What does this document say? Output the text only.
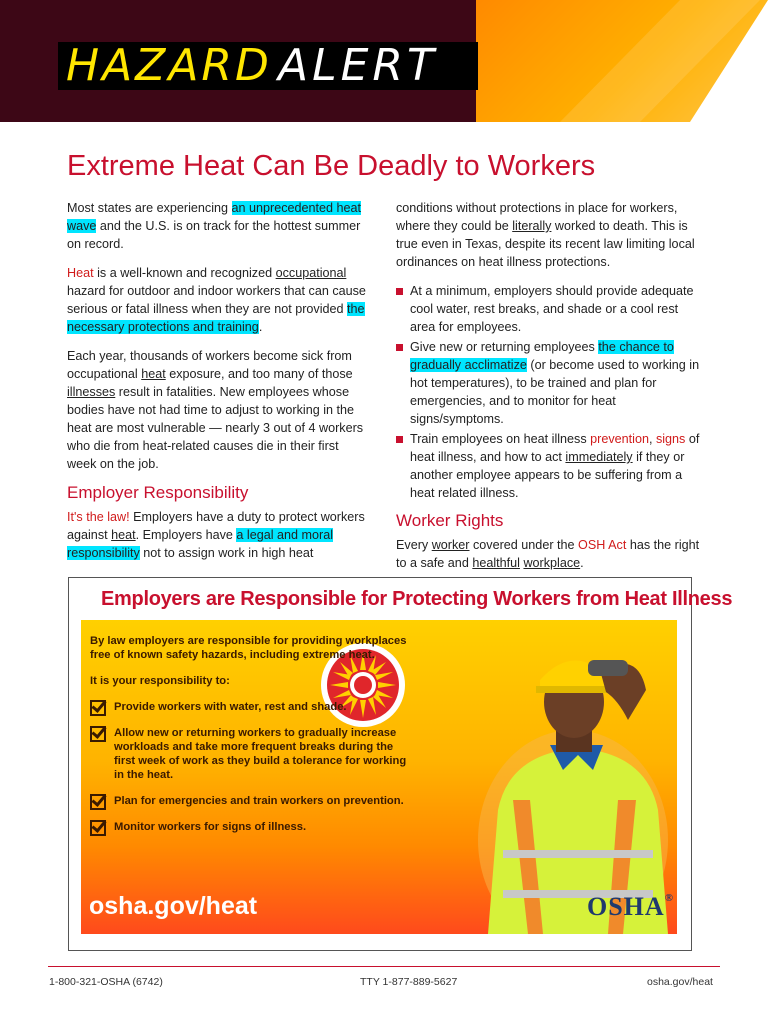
HAZARD ALERT
Extreme Heat Can Be Deadly to Workers

Most states are experiencing an unprecedented heat wave and the U.S. is on track for the hottest summer on record.

Heat is a well-known and recognized occupational hazard for outdoor and indoor workers that can cause serious or fatal illness when they are not provided the necessary protections and training.

Each year, thousands of workers become sick from occupational heat exposure, and too many of those illnesses result in fatalities. New employees whose bodies have not had time to adjust to working in the heat are most vulnerable — nearly 3 out of 4 workers who die from heat-related causes die in their first week on the job.

Employer Responsibility

It's the law! Employers have a duty to protect workers against heat. Employers have a legal and moral responsibility not to assign work in high heat

conditions without protections in place for workers, where they could be literally worked to death. This is true even in Texas, despite its recent law limiting local ordinances on heat illness protections.

At a minimum, employers should provide adequate cool water, rest breaks, and shade or a cool rest area for employees.
Give new or returning employees the chance to gradually acclimatize (or become used to working in hot temperatures), to be trained and plan for emergencies, and to monitor for heat signs/symptoms.
Train employees on heat illness prevention, signs of heat illness, and how to act immediately if they or another employee appears to be suffering from a heat related illness.
Worker Rights

Every worker covered under the OSH Act has the right to a safe and healthful workplace.

Employers are Responsible for Protecting Workers from Heat Illness

By law employers are responsible for providing workplaces free of known safety hazards, including extreme heat.

It is your responsibility to:

Provide workers with water, rest and shade.
Allow new or returning workers to gradually increase workloads and take more frequent breaks during the first week of work as they build a tolerance for working in the heat.
Plan for emergencies and train workers on prevention.
Monitor workers for signs of illness.
osha.gov/heat	OSHA®
1-800-321-OSHA (6742)	TTY 1-877-889-5627	osha.gov/heat
